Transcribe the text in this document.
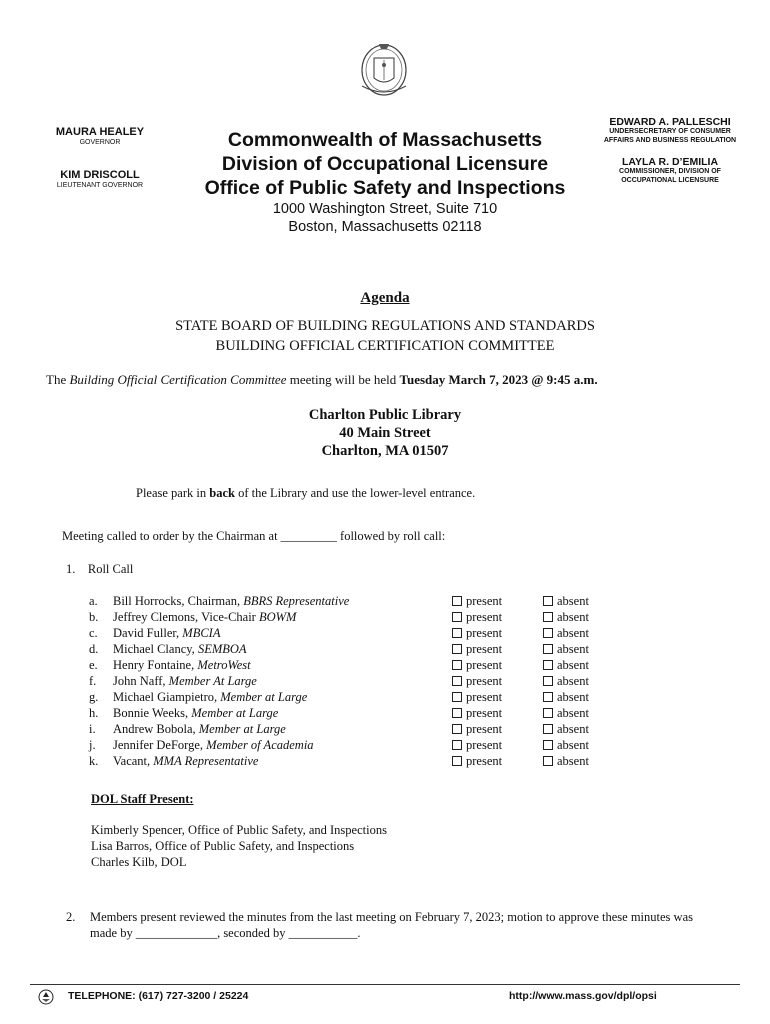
MAURA HEALEY
GOVERNOR
KIM DRISCOLL
LIEUTENANT GOVERNOR
Commonwealth of Massachusetts
Division of Occupational Licensure
Office of Public Safety and Inspections
1000 Washington Street, Suite 710
Boston, Massachusetts 02118
EDWARD A. PALLESCHI
UNDERSECRETARY OF CONSUMER AFFAIRS AND BUSINESS REGULATION
LAYLA R. D’EMILIA
COMMISSIONER, DIVISION OF OCCUPATIONAL LICENSURE
Agenda
STATE BOARD OF BUILDING REGULATIONS AND STANDARDS
BUILDING OFFICIAL CERTIFICATION COMMITTEE
The Building Official Certification Committee meeting will be held Tuesday March 7, 2023 @ 9:45 a.m.
Charlton Public Library
40 Main Street
Charlton, MA 01507
Please park in back of the Library and use the lower-level entrance.
Meeting called to order by the Chairman at _________ followed by roll call:
1. Roll Call
a. Bill Horrocks, Chairman, BBRS Representative	present	absent
b. Jeffrey Clemons, Vice-Chair BOWM	present	absent
c. David Fuller, MBCIA	present	absent
d. Michael Clancy, SEMBOA	present	absent
e. Henry Fontaine, MetroWest	present	absent
f. John Naff, Member At Large	present	absent
g. Michael Giampietro, Member at Large	present	absent
h. Bonnie Weeks, Member at Large	present	absent
i. Andrew Bobola, Member at Large	present	absent
j. Jennifer DeForge, Member of Academia	present	absent
k. Vacant, MMA Representative	present	absent
DOL Staff Present:
Kimberly Spencer, Office of Public Safety, and Inspections
Lisa Barros, Office of Public Safety, and Inspections
Charles Kilb, DOL
2. Members present reviewed the minutes from the last meeting on February 7, 2023; motion to approve these minutes was made by _____________, seconded by ___________.
TELEPHONE: (617) 727-3200 / 25224	http://www.mass.gov/dpl/opsi
